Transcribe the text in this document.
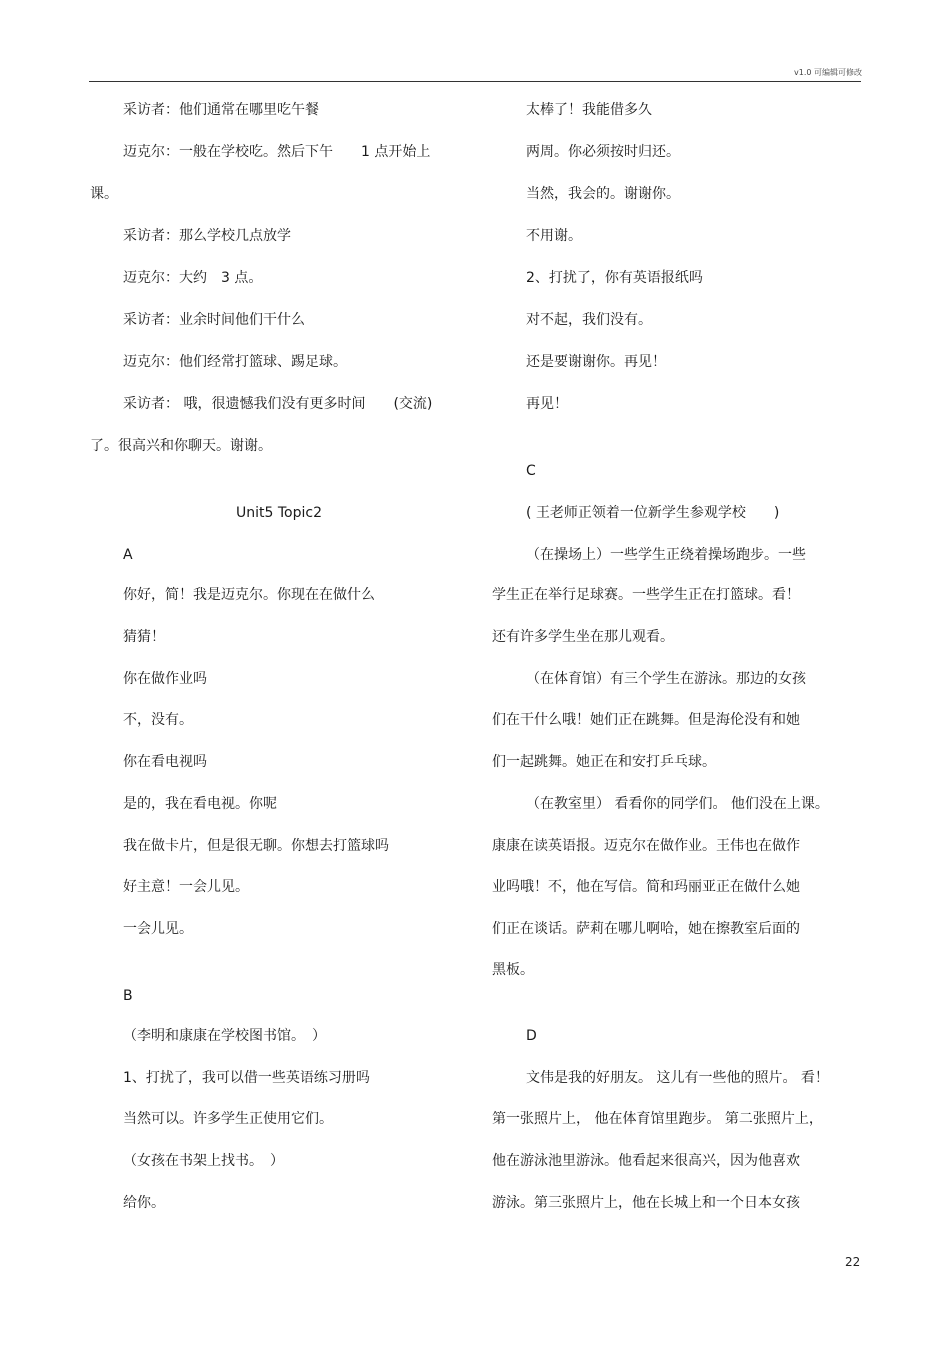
v1.0 可编辑可修改
采访者：他们通常在哪里吃午餐
迈克尔：一般在学校吃。然后下午　　1 点开始上
课。
采访者：那么学校几点放学
迈克尔：大约　3 点。
采访者：业余时间他们干什么
迈克尔：他们经常打篮球、踢足球。
采访者： 哦，很遗憾我们没有更多时间　　(交流)
了。很高兴和你聊天。谢谢。
Unit5 Topic2
A
你好，简！我是迈克尔。你现在在做什么
猜猜！
你在做作业吗
不，没有。
你在看电视吗
是的，我在看电视。你呢
我在做卡片，但是很无聊。你想去打篮球吗
好主意！一会儿见。
一会儿见。
B
（李明和康康在学校图书馆。　）
1、打扰了，我可以借一些英语练习册吗
当然可以。许多学生正使用它们。
（女孩在书架上找书。　）
给你。
太棒了！我能借多久
两周。你必须按时归还。
当然，我会的。谢谢你。
不用谢。
2、打扰了，你有英语报纸吗
对不起，我们没有。
还是要谢谢你。再见！
再见！
C
( 王老师正领着一位新学生参观学校　　)
（在操场上）一些学生正绕着操场跑步。一些
学生正在举行足球赛。一些学生正在打篮球。看！
还有许多学生坐在那儿观看。
（在体育馆）有三个学生在游泳。那边的女孩
们在干什么哦！她们正在跳舞。但是海伦没有和她
们一起跳舞。她正在和安打乒乓球。
（在教室里） 看看你的同学们。 他们没在上课。
康康在读英语报。迈克尔在做作业。王伟也在做作
业吗哦！不，他在写信。简和玛丽亚正在做什么她
们正在谈话。萨莉在哪儿啊哈，她在擦教室后面的
黑板。
D
文伟是我的好朋友。 这儿有一些他的照片。 看！
第一张照片上， 他在体育馆里跑步。 第二张照片上，
他在游泳池里游泳。他看起来很高兴，因为他喜欢
游泳。第三张照片上，他在长城上和一个日本女孩
22
